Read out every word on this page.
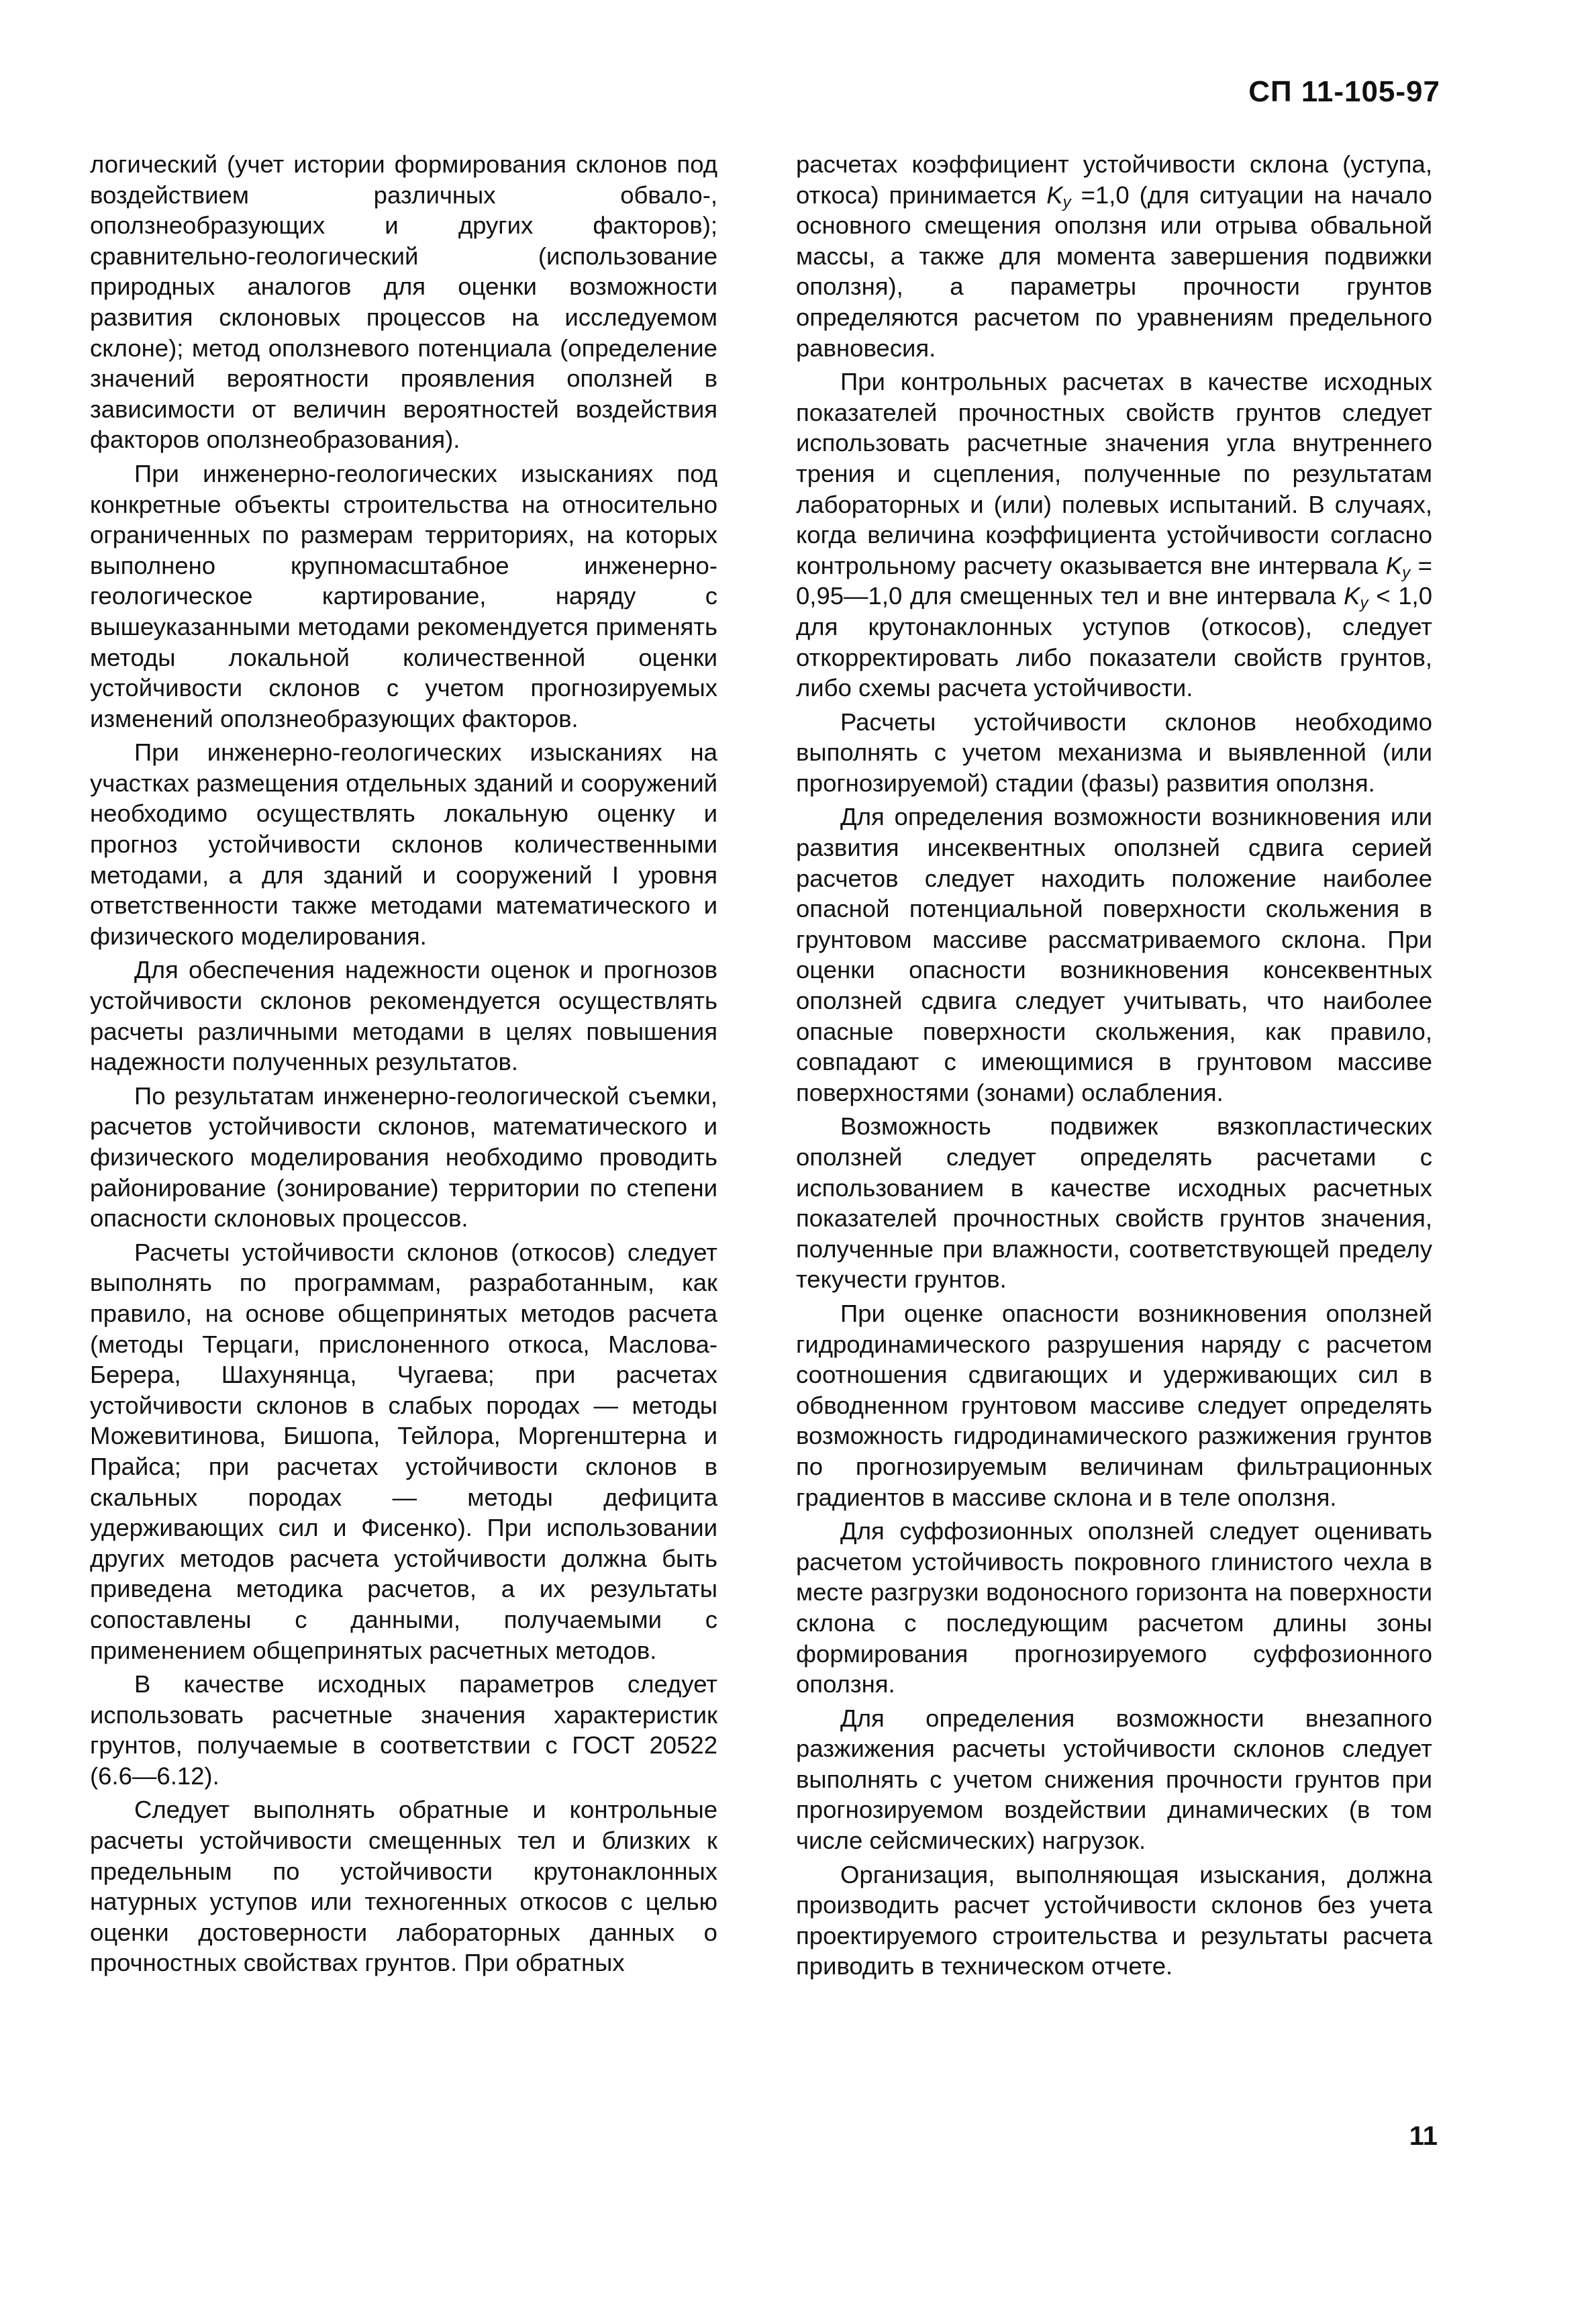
СП 11-105-97

логический (учет истории формирования склонов под воздействием различных обвало-, оползнеобразующих и других факторов); сравнительно-геологический (использование природных аналогов для оценки возможности развития склоновых процессов на исследуемом склоне); метод оползневого потенциала (определение значений вероятности проявления оползней в зависимости от величин вероятностей воздействия факторов оползнеобразования).

При инженерно-геологических изысканиях под конкретные объекты строительства на относительно ограниченных по размерам территориях, на которых выполнено крупномасштабное инженерно-геологическое картирование, наряду с вышеуказанными методами рекомендуется применять методы локальной количественной оценки устойчивости склонов с учетом прогнозируемых изменений оползнеобразующих факторов.

При инженерно-геологических изысканиях на участках размещения отдельных зданий и сооружений необходимо осуществлять локальную оценку и прогноз устойчивости склонов количественными методами, а для зданий и сооружений I уровня ответственности также методами математического и физического моделирования.

Для обеспечения надежности оценок и прогнозов устойчивости склонов рекомендуется осуществлять расчеты различными методами в целях повышения надежности полученных результатов.

По результатам инженерно-геологической съемки, расчетов устойчивости склонов, математического и физического моделирования необходимо проводить районирование (зонирование) территории по степени опасности склоновых процессов.

Расчеты устойчивости склонов (откосов) следует выполнять по программам, разработанным, как правило, на основе общепринятых методов расчета (методы Терцаги, прислоненного откоса, Маслова-Берера, Шахунянца, Чугаева; при расчетах устойчивости склонов в слабых породах — методы Можевитинова, Бишопа, Тейлора, Моргенштерна и Прайса; при расчетах устойчивости склонов в скальных породах — методы дефицита удерживающих сил и Фисенко). При использовании других методов расчета устойчивости должна быть приведена методика расчетов, а их результаты сопоставлены с данными, получаемыми с применением общепринятых расчетных методов.

В качестве исходных параметров следует использовать расчетные значения характеристик грунтов, получаемые в соответствии с ГОСТ 20522 (6.6—6.12).

Следует выполнять обратные и контрольные расчеты устойчивости смещенных тел и близких к предельным по устойчивости крутонаклонных натурных уступов или техногенных откосов с целью оценки достоверности лабораторных данных о прочностных свойствах грунтов. При обратных

расчетах коэффициент устойчивости склона (уступа, откоса) принимается $K_y =1,0$ (для ситуации на начало основного смещения оползня или отрыва обвальной массы, а также для момента завершения подвижки оползня), а параметры прочности грунтов определяются расчетом по уравнениям предельного равновесия.

При контрольных расчетах в качестве исходных показателей прочностных свойств грунтов следует использовать расчетные значения угла внутреннего трения и сцепления, полученные по результатам лабораторных и (или) полевых испытаний. В случаях, когда величина коэффициента устойчивости согласно контрольному расчету оказывается вне интервала $K_y$ = 0,95—1,0 для смещенных тел и вне интервала $K_y < 1,0$ для крутонаклонных уступов (откосов), следует откорректировать либо показатели свойств грунтов, либо схемы расчета устойчивости.

Расчеты устойчивости склонов необходимо выполнять с учетом механизма и выявленной (или прогнозируемой) стадии (фазы) развития оползня.

Для определения возможности возникновения или развития инсеквентных оползней сдвига серией расчетов следует находить положение наиболее опасной потенциальной поверхности скольжения в грунтовом массиве рассматриваемого склона. При оценки опасности возникновения консеквентных оползней сдвига следует учитывать, что наиболее опасные поверхности скольжения, как правило, совпадают с имеющимися в грунтовом массиве поверхностями (зонами) ослабления.

Возможность подвижек вязкопластических оползней следует определять расчетами с использованием в качестве исходных расчетных показателей прочностных свойств грунтов значения, полученные при влажности, соответствующей пределу текучести грунтов.

При оценке опасности возникновения оползней гидродинамического разрушения наряду с расчетом соотношения сдвигающих и удерживающих сил в обводненном грунтовом массиве следует определять возможность гидродинамического разжижения грунтов по прогнозируемым величинам фильтрационных градиентов в массиве склона и в теле оползня.

Для суффозионных оползней следует оценивать расчетом устойчивость покровного глинистого чехла в месте разгрузки водоносного горизонта на поверхности склона с последующим расчетом длины зоны формирования прогнозируемого суффозионного оползня.

Для определения возможности внезапного разжижения расчеты устойчивости склонов следует выполнять с учетом снижения прочности грунтов при прогнозируемом воздействии динамических (в том числе сейсмических) нагрузок.

Организация, выполняющая изыскания, должна производить расчет устойчивости склонов без учета проектируемого строительства и результаты расчета приводить в техническом отчете.

11
